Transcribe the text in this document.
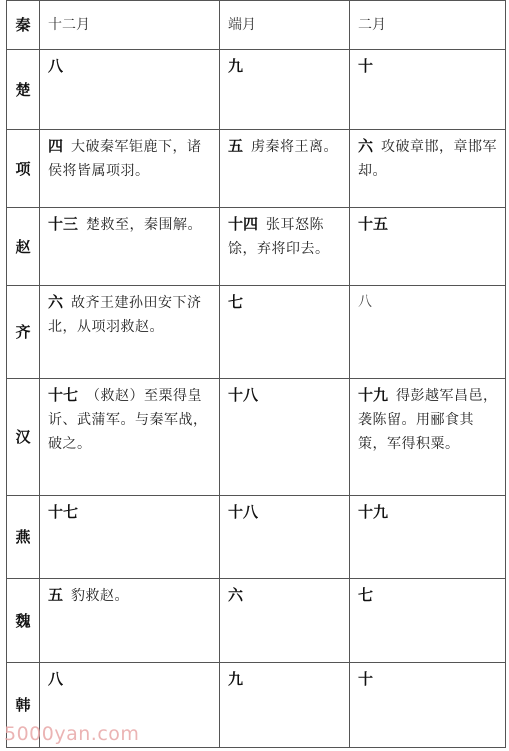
秦	十二月	端月	二月
楚	八	九	十
项	四 大破秦军钜鹿下，诸侯将皆属项羽。	五 虏秦将王离。	六 攻破章邯，章邯军却。
赵	十三 楚救至，秦围解。	十四 张耳怒陈馀，弃将印去。	十五
齐	六 故齐王建孙田安下济北，从项羽救赵。	七	八
汉	十七 （救赵）至栗得皇䜣、武蒲军。与秦军战，破之。	十八	十九 得彭越军昌邑，袭陈留。用郦食其策，军得积粟。
燕	十七	十八	十九
魏	五 豹救赵。	六	七
韩	八	九	十
5000yan.com
